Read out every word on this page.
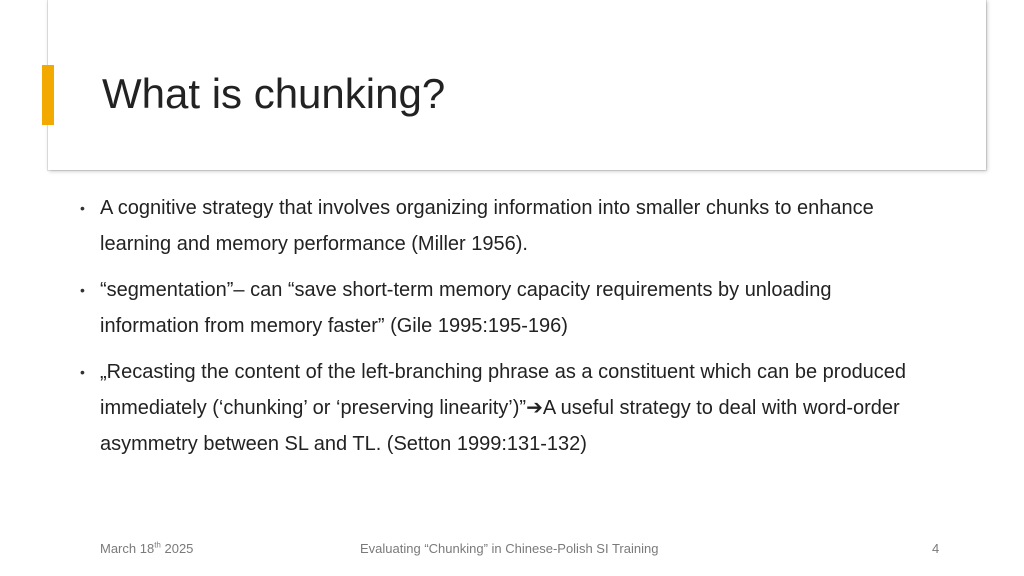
What is chunking?
• A cognitive strategy that involves organizing information into smaller chunks to enhance learning and memory performance (Miller 1956).
• “segmentation”– can “save short-term memory capacity requirements by unloading information from memory faster” (Gile 1995:195-196)
• „Recasting the content of the left-branching phrase as a constituent which can be produced immediately (‘chunking’ or ‘preserving linearity’)”➔A useful strategy to deal with word-order asymmetry between SL and TL. (Setton 1999:131-132)
March 18th 2025	Evaluating “Chunking” in Chinese-Polish SI Training	4
